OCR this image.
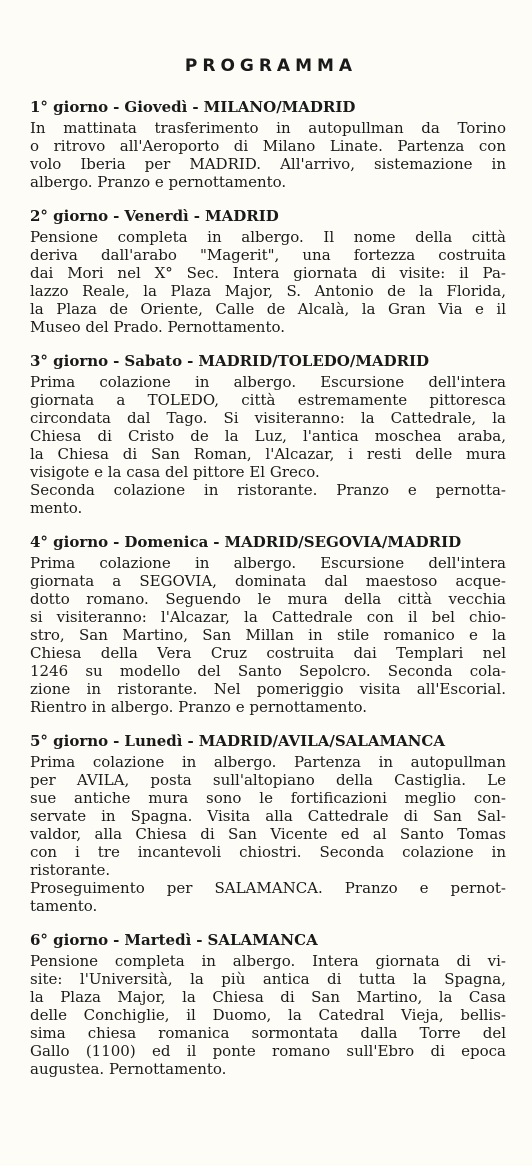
PROGRAMMA
1° giorno - Giovedì - MILANO/MADRID

In mattinata trasferimento in autopullman da Torino
o ritrovo all'Aeroporto di Milano Linate. Partenza con
volo Iberia per MADRID. All'arrivo, sistemazione in
albergo. Pranzo e pernottamento.

2° giorno - Venerdì - MADRID

Pensione completa in albergo. Il nome della città
deriva dall'arabo "Magerit", una fortezza costruita
dai Mori nel X° Sec. Intera giornata di visite: il Pa-
lazzo Reale, la Plaza Major, S. Antonio de la Florida,
la Plaza de Oriente, Calle de Alcalà, la Gran Via e il
Museo del Prado. Pernottamento.

3° giorno - Sabato - MADRID/TOLEDO/MADRID

Prima colazione in albergo. Escursione dell'intera
giornata a TOLEDO, città estremamente pittoresca
circondata dal Tago. Si visiteranno: la Cattedrale, la
Chiesa di Cristo de la Luz, l'antica moschea araba,
la Chiesa di San Roman, l'Alcazar, i resti delle mura
visigote e la casa del pittore El Greco.
Seconda colazione in ristorante. Pranzo e pernotta-
mento.

4° giorno - Domenica - MADRID/SEGOVIA/MADRID

Prima colazione in albergo. Escursione dell'intera
giornata a SEGOVIA, dominata dal maestoso acque-
dotto romano. Seguendo le mura della città vecchia
si visiteranno: l'Alcazar, la Cattedrale con il bel chio-
stro, San Martino, San Millan in stile romanico e la
Chiesa della Vera Cruz costruita dai Templari nel
1246 su modello del Santo Sepolcro. Seconda cola-
zione in ristorante. Nel pomeriggio visita all'Escorial.
Rientro in albergo. Pranzo e pernottamento.

5° giorno - Lunedì - MADRID/AVILA/SALAMANCA

Prima colazione in albergo. Partenza in autopullman
per AVILA, posta sull'altopiano della Castiglia. Le
sue antiche mura sono le fortificazioni meglio con-
servate in Spagna. Visita alla Cattedrale di San Sal-
valdor, alla Chiesa di San Vicente ed al Santo Tomas
con i tre incantevoli chiostri. Seconda colazione in
ristorante.
Proseguimento per SALAMANCA. Pranzo e pernot-
tamento.

6° giorno - Martedì - SALAMANCA

Pensione completa in albergo. Intera giornata di vi-
site: l'Università, la più antica di tutta la Spagna,
la Plaza Major, la Chiesa di San Martino, la Casa
delle Conchiglie, il Duomo, la Catedral Vieja, bellis-
sima chiesa romanica sormontata dalla Torre del
Gallo (1100) ed il ponte romano sull'Ebro di epoca
augustea. Pernottamento.
